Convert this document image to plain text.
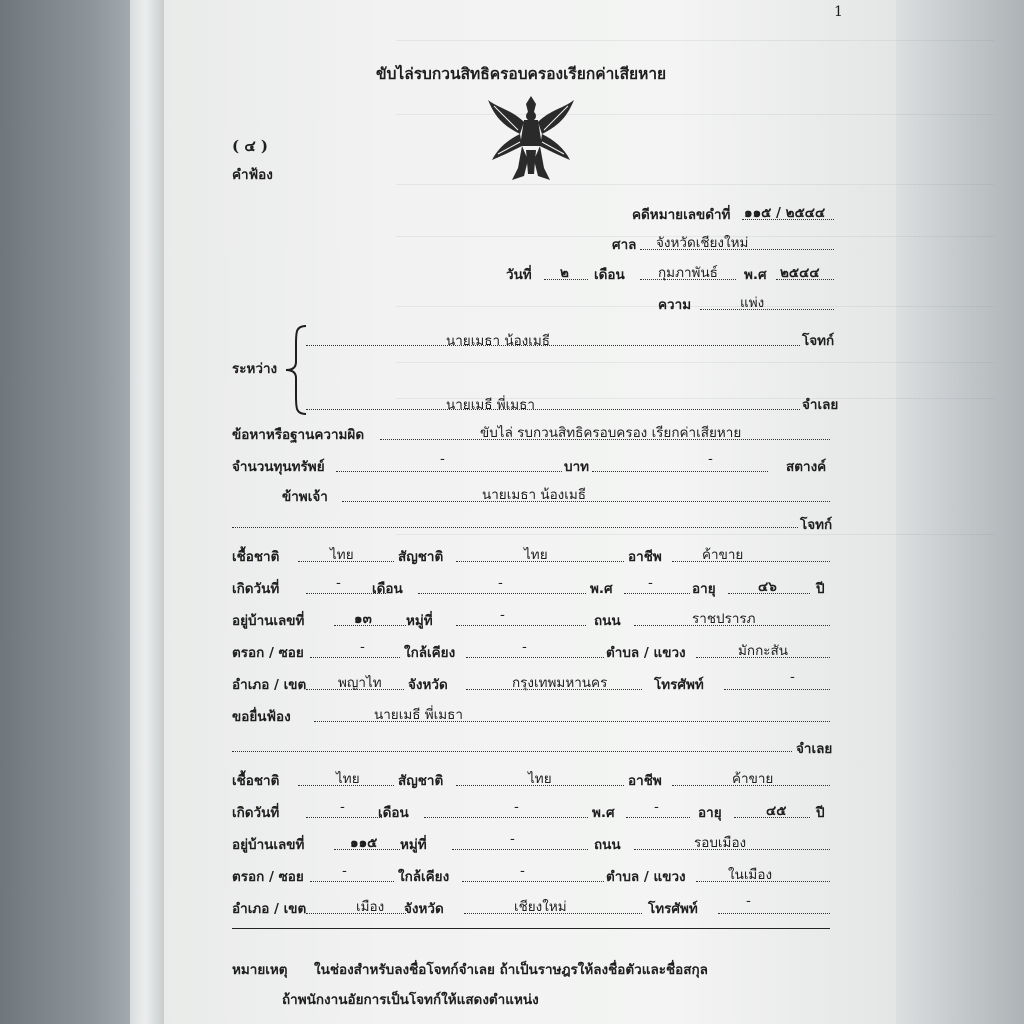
1
ขับไล่รบกวนสิทธิครอบครองเรียกค่าเสียหาย
( ๔ )
คำฟ้อง
คดีหมายเลขดำที่ ๑๑๕ / ๒๕๔๔
ศาล จังหวัดเชียงใหม่
วันที่ ๒ เดือน กุมภาพันธ์ พ.ศ ๒๕๔๔
ความ	แพ่ง
ระหว่าง
นายเมธา น้องเมธี	โจทก์
นายเมธี พี่เมธา	จำเลย
ข้อหาหรือฐานความผิด	ขับไล่ รบกวนสิทธิครอบครอง เรียกค่าเสียหาย
จำนวนทุนทรัพย์	-	บาท	-	สตางค์
ข้าพเจ้า	นายเมธา น้องเมธี
โจทก์
เชื้อชาติ	ไทย	สัญชาติ	ไทย	อาชีพ	ค้าขาย
เกิดวันที่	- เดือน	-	พ.ศ	-	อายุ	๔๖	ปี
อยู่บ้านเลขที่	๑๓	หมู่ที่	-	ถนน	ราชปรารภ
ตรอก / ซอย	-	ใกล้เคียง	-	ตำบล / แขวง	มักกะสัน
อำเภอ / เขต พญาไท จังหวัด	กรุงเทพมหานคร	โทรศัพท์	-
ขอยื่นฟ้อง	นายเมธี พี่เมธา
จำเลย
เชื้อชาติ	ไทย	สัญชาติ	ไทย	อาชีพ	ค้าขาย
เกิดวันที่	- เดือน	-	พ.ศ	-	อายุ	๔๕ ปี
อยู่บ้านเลขที่	๑๑๕ หมู่ที่	-	ถนน	รอบเมือง
ตรอก / ซอย	-	ใกล้เคียง	-	ตำบล / แขวง	ในเมือง
อำเภอ / เขต	เมือง จังหวัด	เชียงใหม่	โทรศัพท์	-
หมายเหตุ ในช่องสำหรับลงชื่อโจทก์จำเลย ถ้าเป็นราษฎรให้ลงชื่อตัวและชื่อสกุล
ถ้าพนักงานอัยการเป็นโจทก์ให้แสดงตำแหน่ง
